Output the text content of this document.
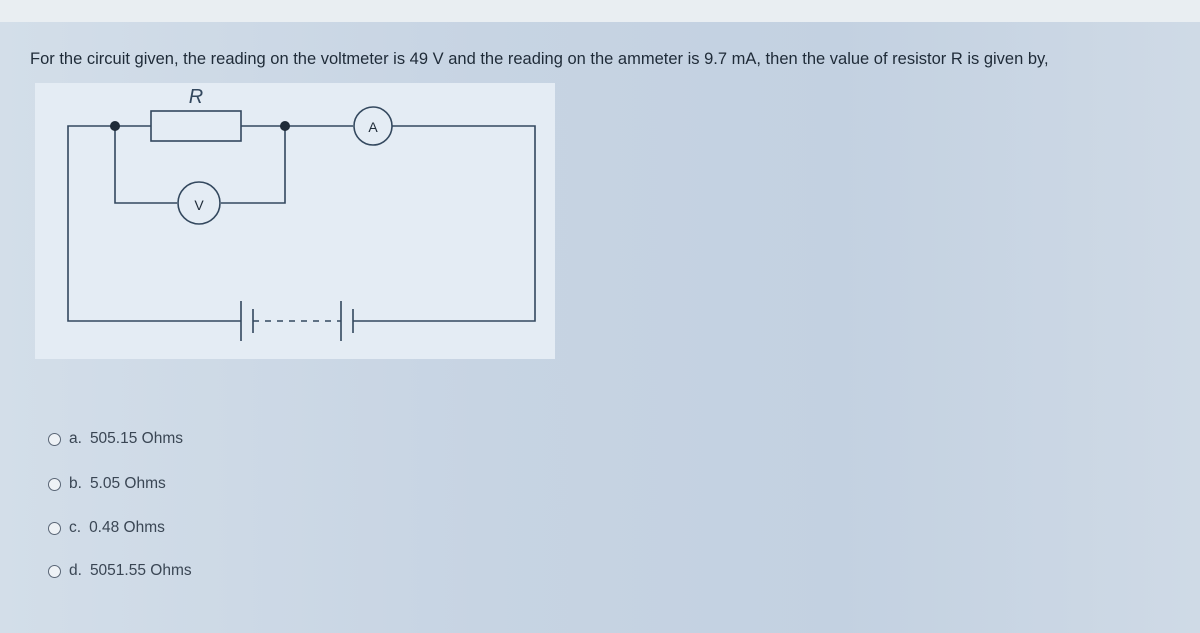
For the circuit given, the reading on the voltmeter is 49 V and the reading on the ammeter is 9.7 mA, then the value of resistor R is given by,
R
A
V
a. 505.15 Ohms
b. 5.05 Ohms
c. 0.48 Ohms
d. 5051.55 Ohms
